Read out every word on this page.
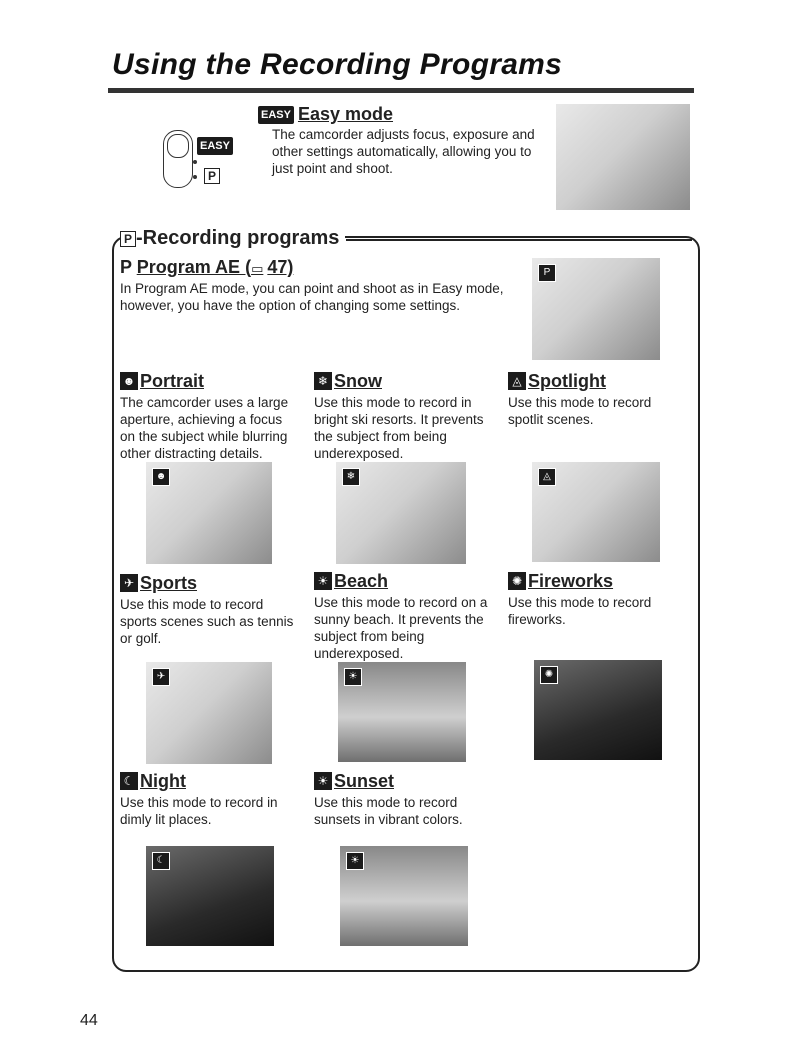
Using the Recording Programs
EASY
P
EASY Easy mode
The camcorder adjusts focus, exposure and other settings automatically, allowing you to just point and shoot.
P -Recording programs
P Program AE (▭ 47)
In Program AE mode, you can point and shoot as in Easy mode, however, you have the option of changing some settings.
P
☻ Portrait
The camcorder uses a large aperture, achieving a focus on the subject while blurring other distracting details.
☻
❄ Snow
Use this mode to record in bright ski resorts. It prevents the subject from being underexposed.
❄
◬ Spotlight
Use this mode to record spotlit scenes.
◬
✈ Sports
Use this mode to record sports scenes such as tennis or golf.
✈
☀ Beach
Use this mode to record on a sunny beach. It prevents the subject from being underexposed.
☀
✺ Fireworks
Use this mode to record fireworks.
✺
☾ Night
Use this mode to record in dimly lit places.
☾
☀ Sunset
Use this mode to record sunsets in vibrant colors.
☀
44
